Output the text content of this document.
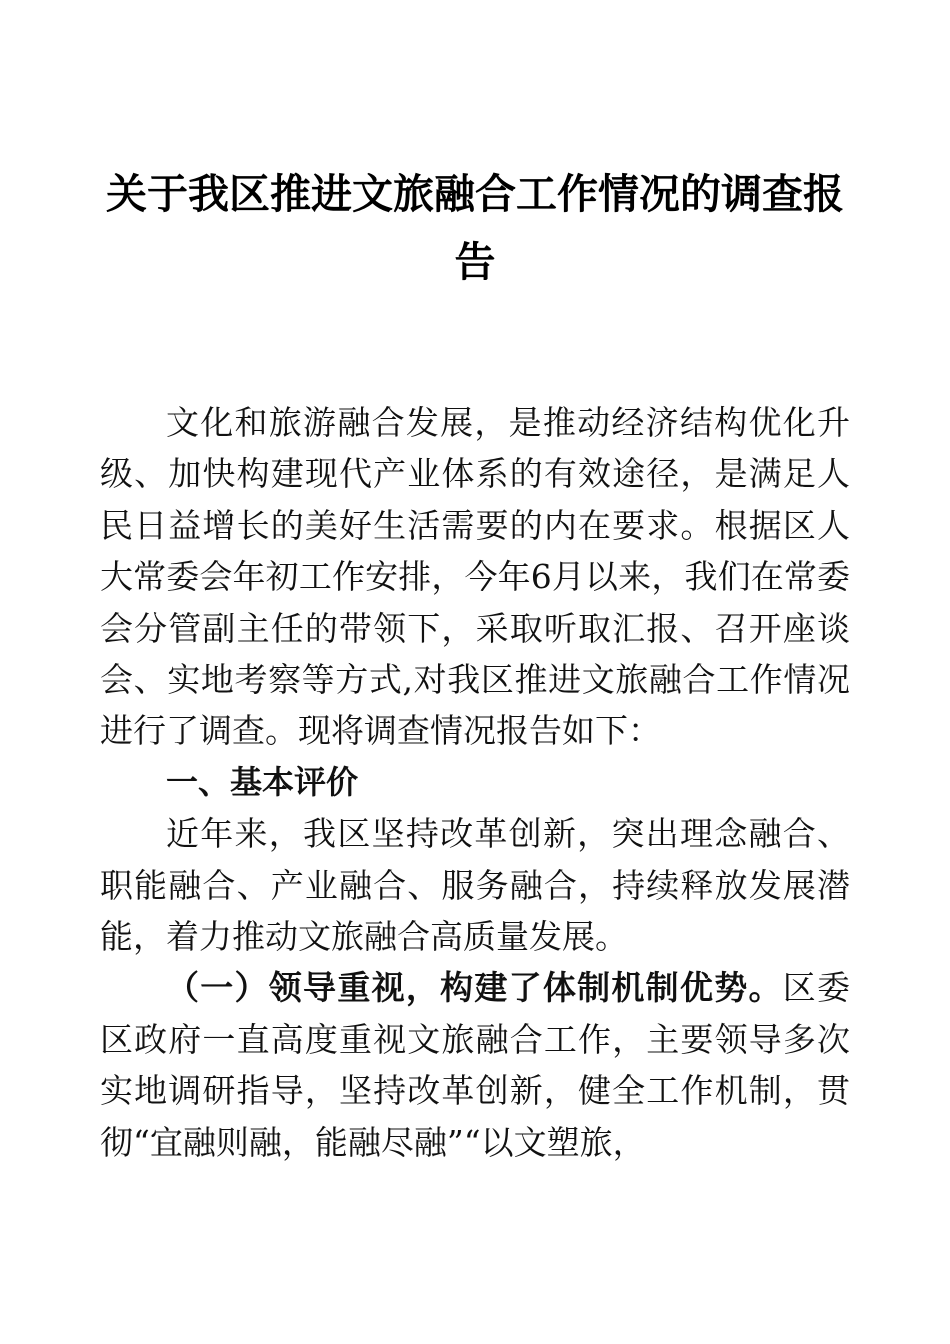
关于我区推进文旅融合工作情况的调查报告

文化和旅游融合发展，是推动经济结构优化升级、加快构建现代产业体系的有效途径，是满足人民日益增长的美好生活需要的内在要求。根据区人大常委会年初工作安排，今年6月以来，我们在常委会分管副主任的带领下，采取听取汇报、召开座谈会、实地考察等方式,对我区推进文旅融合工作情况进行了调查。现将调查情况报告如下：

一、基本评价

近年来，我区坚持改革创新，突出理念融合、职能融合、产业融合、服务融合，持续释放发展潜能，着力推动文旅融合高质量发展。

（一）领导重视，构建了体制机制优势。区委区政府一直高度重视文旅融合工作，主要领导多次实地调研指导，坚持改革创新，健全工作机制，贯彻“宜融则融，能融尽融”“以文塑旅，
